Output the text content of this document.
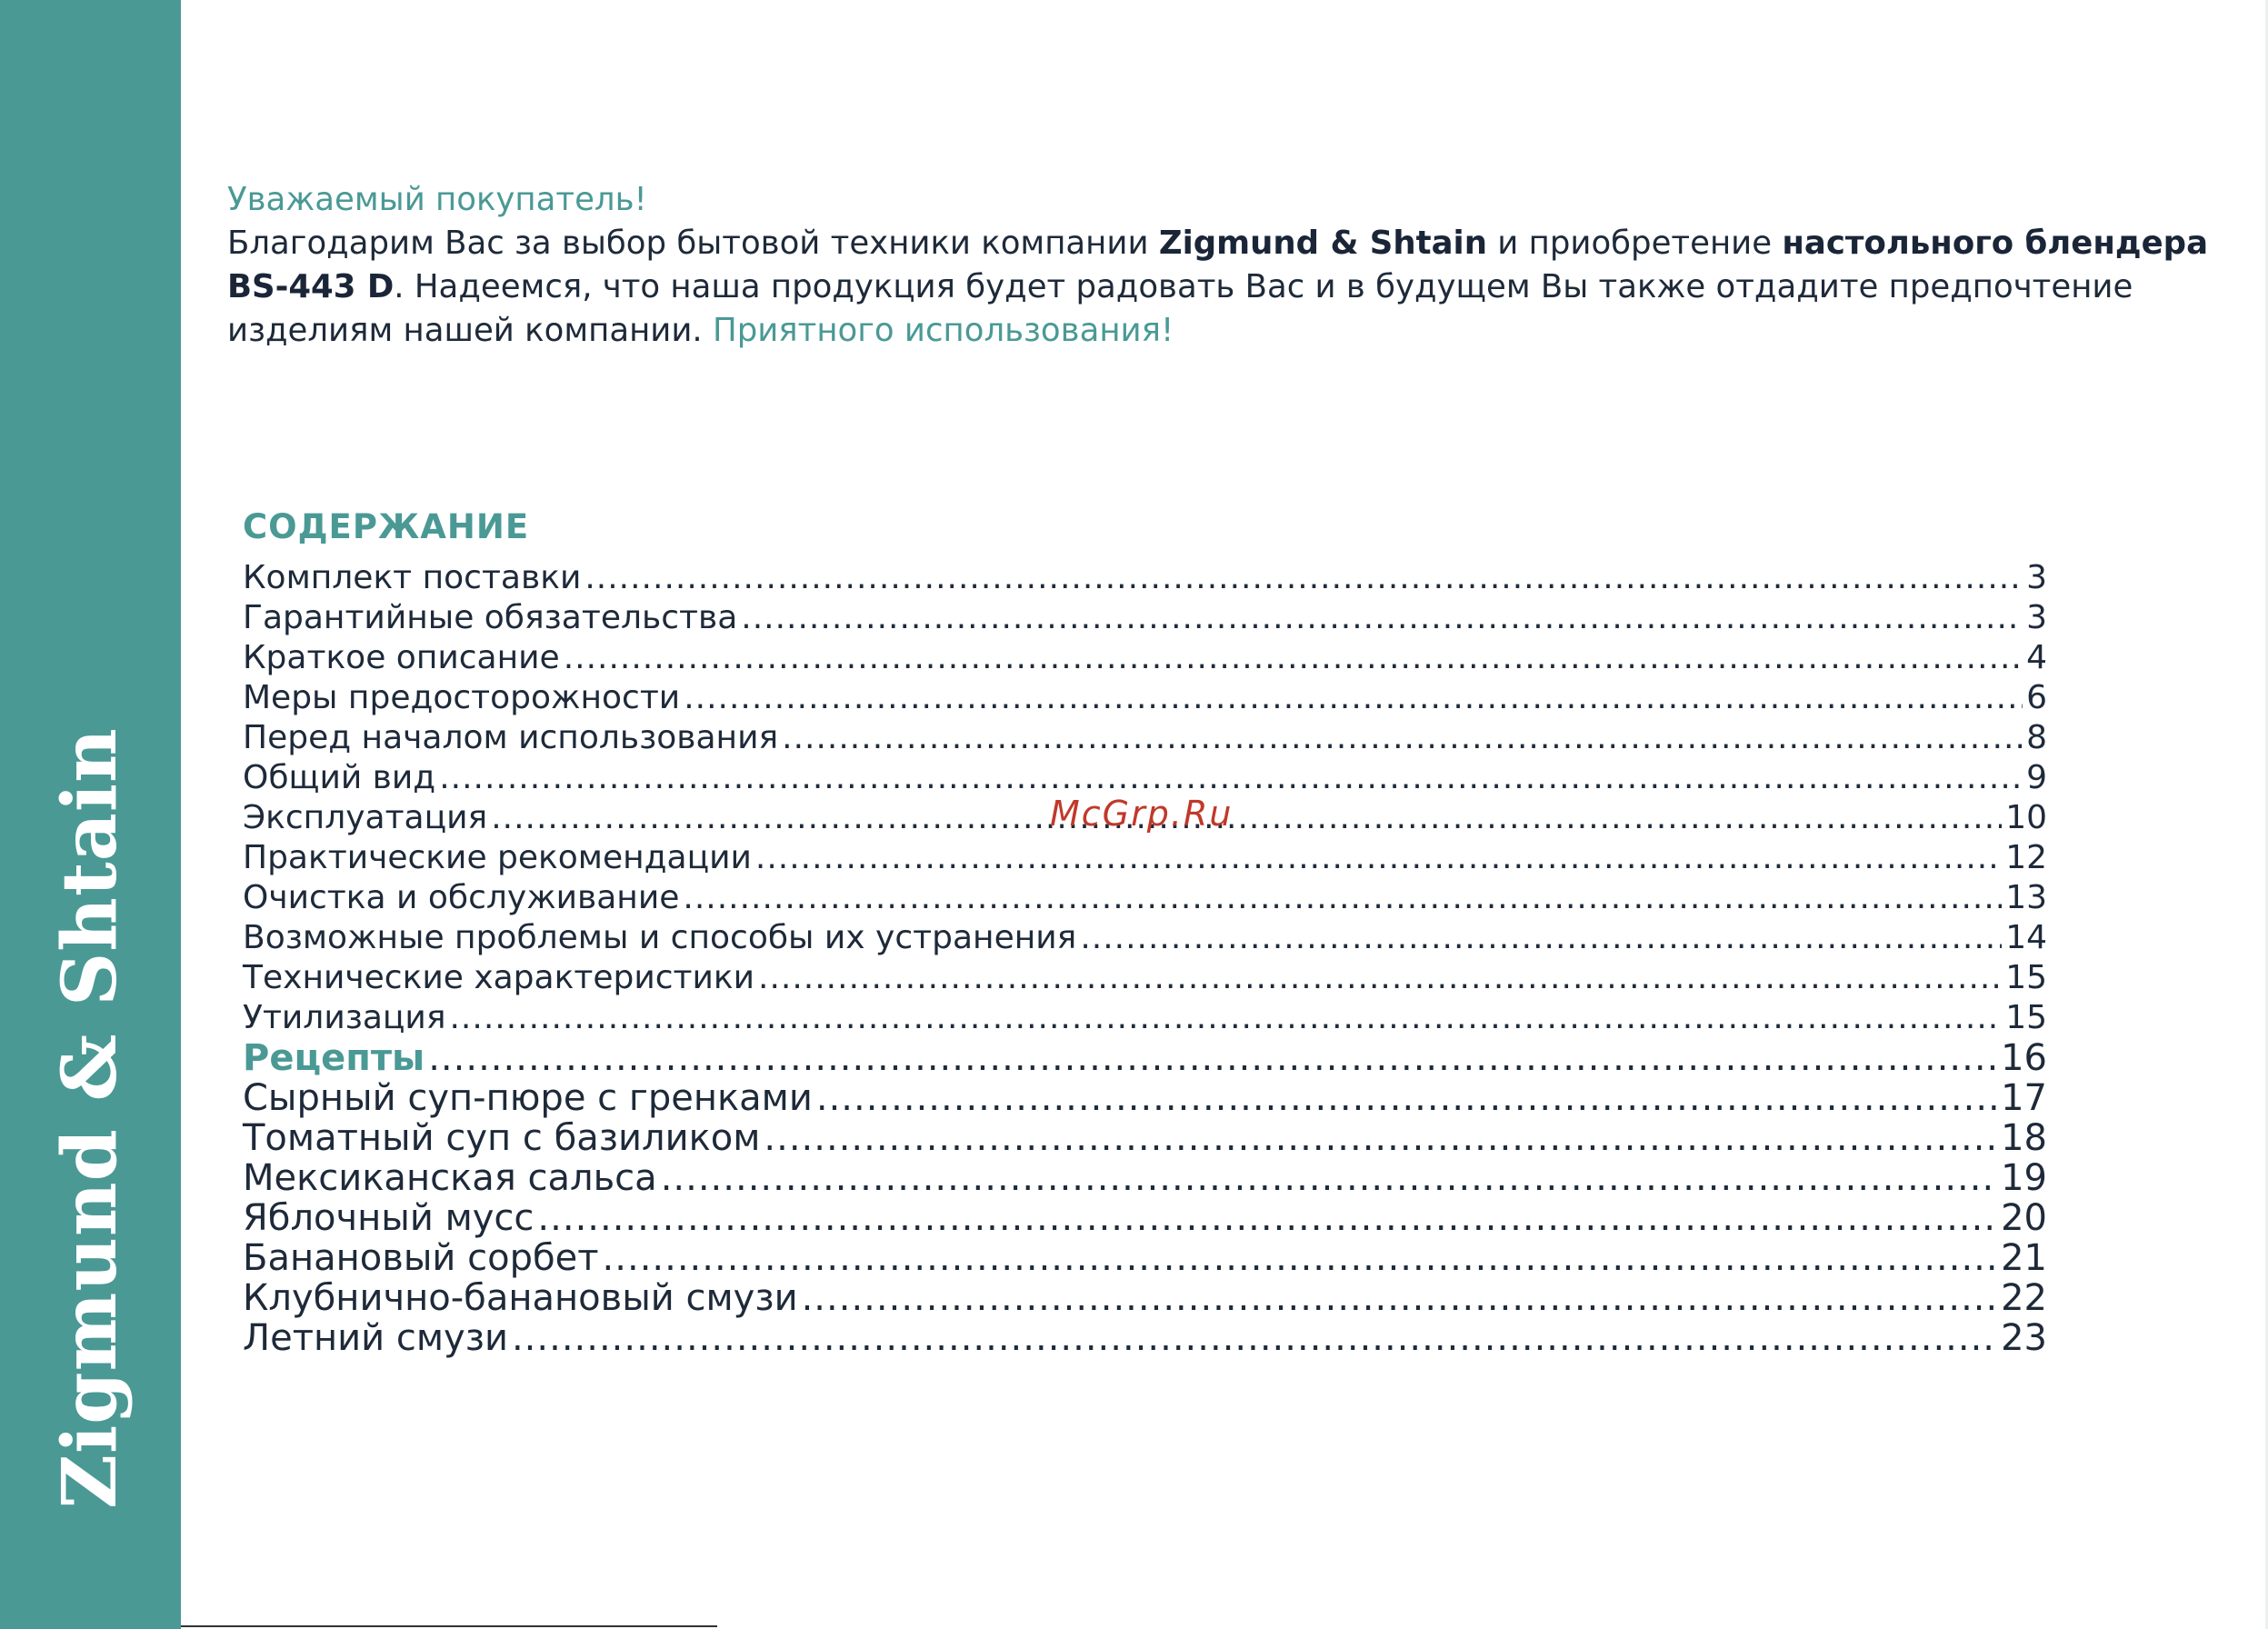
Zigmund & Shtain
Уважаемый покупатель!
Благодарим Вас за выбор бытовой техники компании Zigmund & Shtain и приобретение настольного блендера BS-443 D. Надеемся, что наша продукция будет радовать Вас и в будущем Вы также отдадите предпочтение изделиям нашей компании. Приятного использования!
СОДЕРЖАНИЕ
Комплект поставки .....	3
Гарантийные обязательства .....	3
Краткое описание .....	4
Меры предосторожности .....	6
Перед началом использования .....	8
Общий вид .....	9
Эксплуатация .....	10
Практические рекомендации .....	12
Очистка и обслуживание .....	13
Возможные проблемы и способы их устранения .....	14
Технические характеристики .....	15
Утилизация .....	15
Рецепты .....	16
Сырный суп-пюре с гренками .....	17
Томатный суп с базиликом .....	18
Мексиканская сальса .....	19
Яблочный мусс .....	20
Банановый сорбет .....	21
Клубнично-банановый смузи .....	22
Летний смузи .....	23
McGrp.Ru
